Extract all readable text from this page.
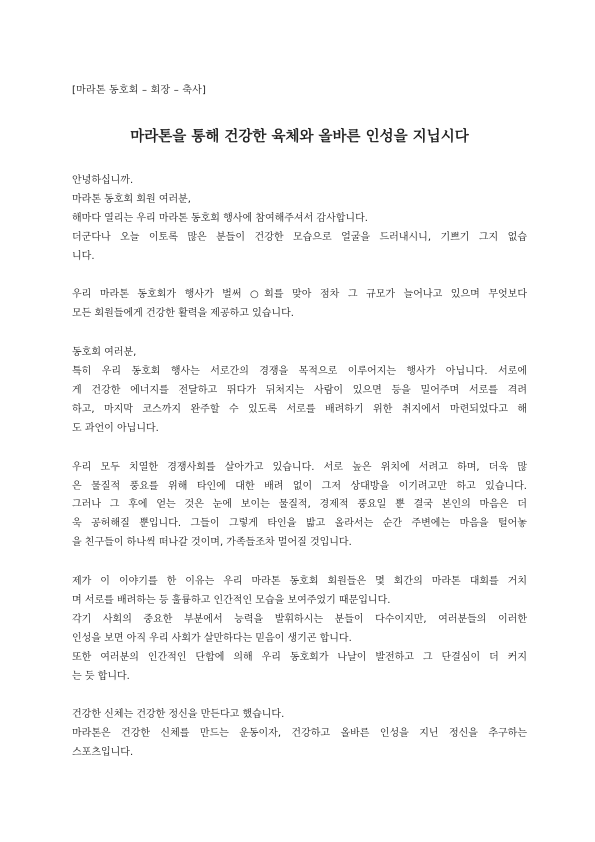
[마라톤 동호회 – 회장 – 축사]
마라톤을 통해 건강한 육체와 올바른 인성을 지닙시다
안녕하십니까.
마라톤 동호회 회원 여러분,
해마다 열리는 우리 마라톤 동호회 행사에 참여해주셔서 감사합니다.
더군다나 오늘 이토록 많은 분들이 건강한 모습으로 얼굴을 드러내시니, 기쁘기 그지 없습
니다.
우리 마라톤 동호회가 행사가 벌써 ○회를 맞아 점차 그 규모가 늘어나고 있으며 무엇보다
모든 회원들에게 건강한 활력을 제공하고 있습니다.
동호회 여러분,
특히 우리 동호회 행사는 서로간의 경쟁을 목적으로 이루어지는 행사가 아닙니다. 서로에
게 건강한 에너지를 전달하고 뛰다가 뒤처지는 사람이 있으면 등을 밀어주며 서로를 격려
하고, 마지막 코스까지 완주할 수 있도록 서로를 배려하기 위한 취지에서 마련되었다고 해
도 과언이 아닙니다.
우리 모두 치열한 경쟁사회를 살아가고 있습니다. 서로 높은 위치에 서려고 하며, 더욱 많
은 물질적 풍요를 위해 타인에 대한 배려 없이 그저 상대방을 이기려고만 하고 있습니다.
그러나 그 후에 얻는 것은 눈에 보이는 물질적, 경제적 풍요일 뿐 결국 본인의 마음은 더
욱 공허해질 뿐입니다. 그들이 그렇게 타인을 밟고 올라서는 순간 주변에는 마음을 털어놓
을 친구들이 하나씩 떠나갈 것이며, 가족들조차 멀어질 것입니다.
제가 이 이야기를 한 이유는 우리 마라톤 동호회 회원들은 몇 회간의 마라톤 대회를 거치
며 서로를 배려하는 등 훌륭하고 인간적인 모습을 보여주었기 때문입니다.
각기 사회의 중요한 부분에서 능력을 발휘하시는 분들이 다수이지만, 여러분들의 이러한
인성을 보면 아직 우리 사회가 살만하다는 믿음이 생기곤 합니다.
또한 여러분의 인간적인 단합에 의해 우리 동호회가 나날이 발전하고 그 단결심이 더 커지
는 듯 합니다.
건강한 신체는 건강한 정신을 만든다고 했습니다.
마라톤은 건강한 신체를 만드는 운동이자, 건강하고 올바른 인성을 지닌 정신을 추구하는
스포츠입니다.
